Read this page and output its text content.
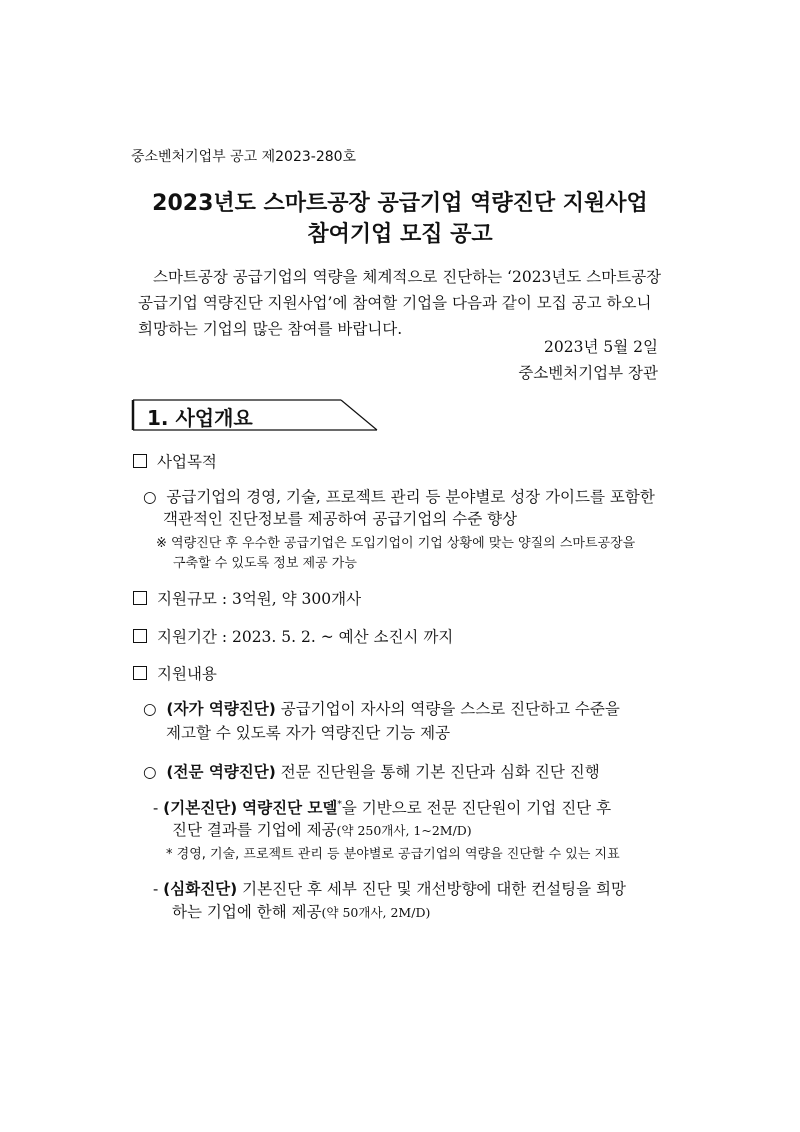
중소벤처기업부 공고 제2023-280호
2023년도 스마트공장 공급기업 역량진단 지원사업
참여기업 모집 공고
스마트공장 공급기업의 역량을 체계적으로 진단하는 ‘2023년도 스마트공장
공급기업 역량진단 지원사업’에 참여할 기업을 다음과 같이 모집 공고 하오니
희망하는 기업의 많은 참여를 바랍니다.
2023년 5월 2일
중소벤처기업부 장관
1. 사업개요
사업목적
○ 공급기업의 경영, 기술, 프로젝트 관리 등 분야별로 성장 가이드를 포함한
객관적인 진단정보를 제공하여 공급기업의 수준 향상
※ 역량진단 후 우수한 공급기업은 도입기업이 기업 상황에 맞는 양질의 스마트공장을
구축할 수 있도록 정보 제공 가능
지원규모 : 3억원, 약 300개사
지원기간 : 2023. 5. 2. ~ 예산 소진시 까지
지원내용
○ (자가 역량진단) 공급기업이 자사의 역량을 스스로 진단하고 수준을
제고할 수 있도록 자가 역량진단 기능 제공
○ (전문 역량진단) 전문 진단원을 통해 기본 진단과 심화 진단 진행
- (기본진단) 역량진단 모델*을 기반으로 전문 진단원이 기업 진단 후
진단 결과를 기업에 제공(약 250개사, 1~2M/D)
* 경영, 기술, 프로젝트 관리 등 분야별로 공급기업의 역량을 진단할 수 있는 지표
- (심화진단) 기본진단 후 세부 진단 및 개선방향에 대한 컨설팅을 희망
하는 기업에 한해 제공(약 50개사, 2M/D)
